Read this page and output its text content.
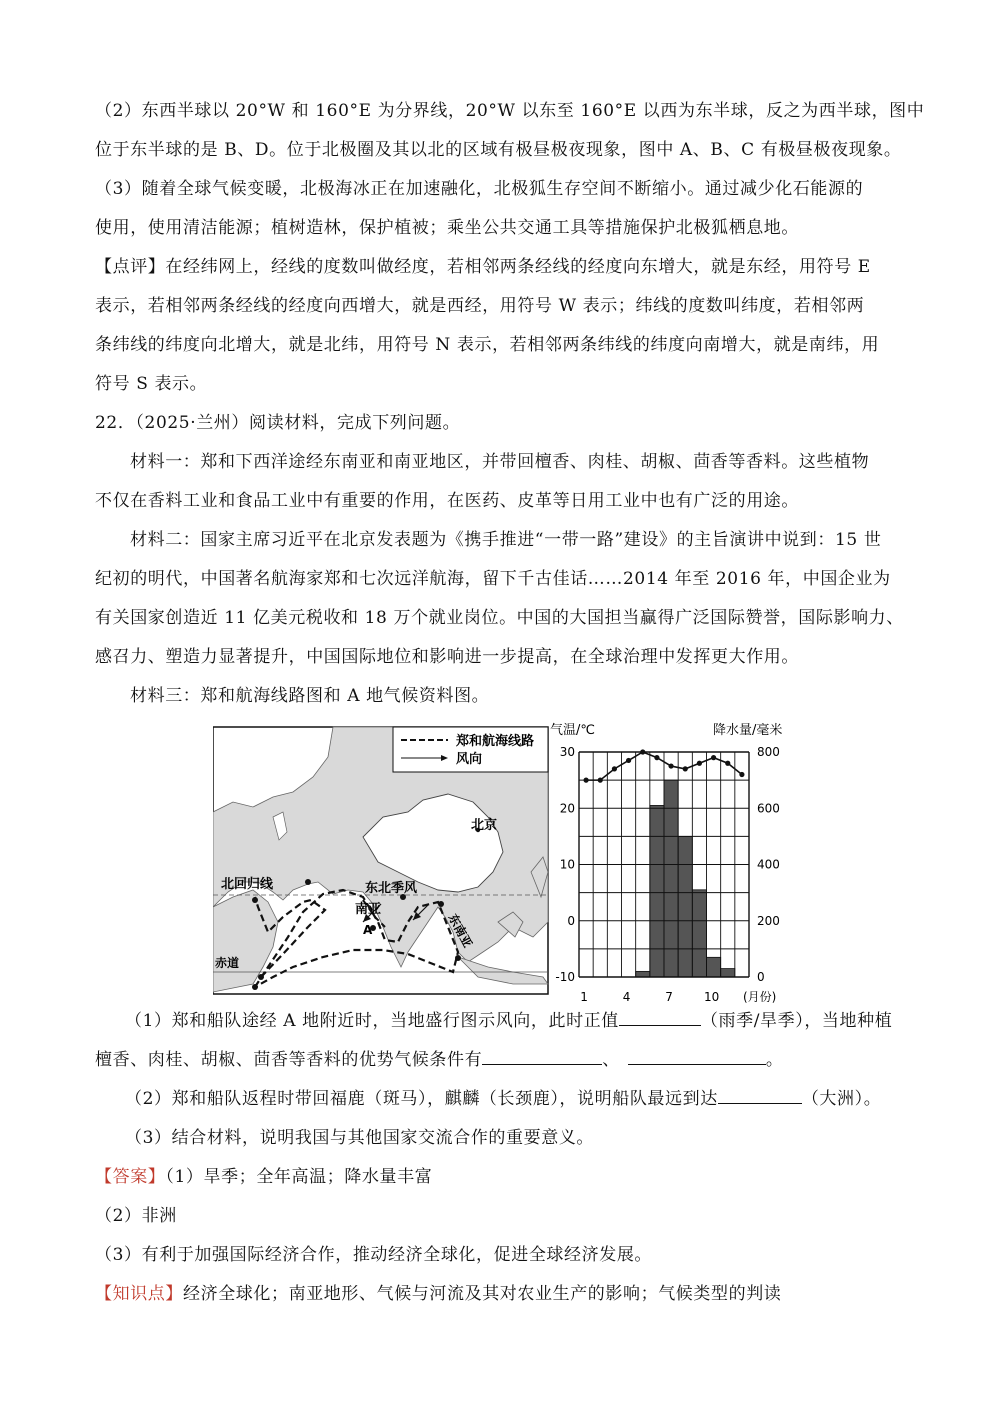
（2）东西半球以 20°W 和 160°E 为分界线，20°W 以东至 160°E 以西为东半球，反之为西半球，图中
位于东半球的是 B、D。位于北极圈及其以北的区域有极昼极夜现象，图中 A、B、C 有极昼极夜现象。
（3）随着全球气候变暖，北极海冰正在加速融化，北极狐生存空间不断缩小。通过减少化石能源的
使用，使用清洁能源；植树造林，保护植被；乘坐公共交通工具等措施保护北极狐栖息地。
【点评】在经纬网上，经线的度数叫做经度，若相邻两条经线的经度向东增大，就是东经，用符号 E
表示，若相邻两条经线的经度向西增大，就是西经，用符号 W 表示；纬线的度数叫纬度，若相邻两
条纬线的纬度向北增大，就是北纬，用符号 N 表示，若相邻两条纬线的纬度向南增大，就是南纬，用
符号 S 表示。
22．（2025·兰州）阅读材料，完成下列问题。
材料一：郑和下西洋途经东南亚和南亚地区，并带回檀香、肉桂、胡椒、茴香等香料。这些植物
不仅在香料工业和食品工业中有重要的作用，在医药、皮革等日用工业中也有广泛的用途。
材料二：国家主席习近平在北京发表题为《携手推进“一带一路”建设》的主旨演讲中说到：15 世
纪初的明代，中国著名航海家郑和七次远洋航海，留下千古佳话……2014 年至 2016 年，中国企业为
有关国家创造近 11 亿美元税收和 18 万个就业岗位。中国的大国担当赢得广泛国际赞誉，国际影响力、
感召力、塑造力显著提升，中国国际地位和影响进一步提高，在全球治理中发挥更大作用。
材料三：郑和航海线路图和 A 地气候资料图。
郑和航海线路
风向
北京
北回归线	东北季风
南亚
东南亚
A
赤道
气温/℃	降水量/毫米
(月份)
30
20
10
0
-10
800
600
400
200
0
1	4	7	10
（1）郑和船队途经 A 地附近时，当地盛行图示风向，此时正值	（雨季/旱季），当地种植
檀香、肉桂、胡椒、茴香等香料的优势气候条件有	、	。
（2）郑和船队返程时带回福鹿（斑马），麒麟（长颈鹿），说明船队最远到达	（大洲）。
（3）结合材料，说明我国与其他国家交流合作的重要意义。
【答案】（1）旱季；全年高温；降水量丰富
（2）非洲
（3）有利于加强国际经济合作，推动经济全球化，促进全球经济发展。
【知识点】经济全球化；南亚地形、气候与河流及其对农业生产的影响；气候类型的判读
